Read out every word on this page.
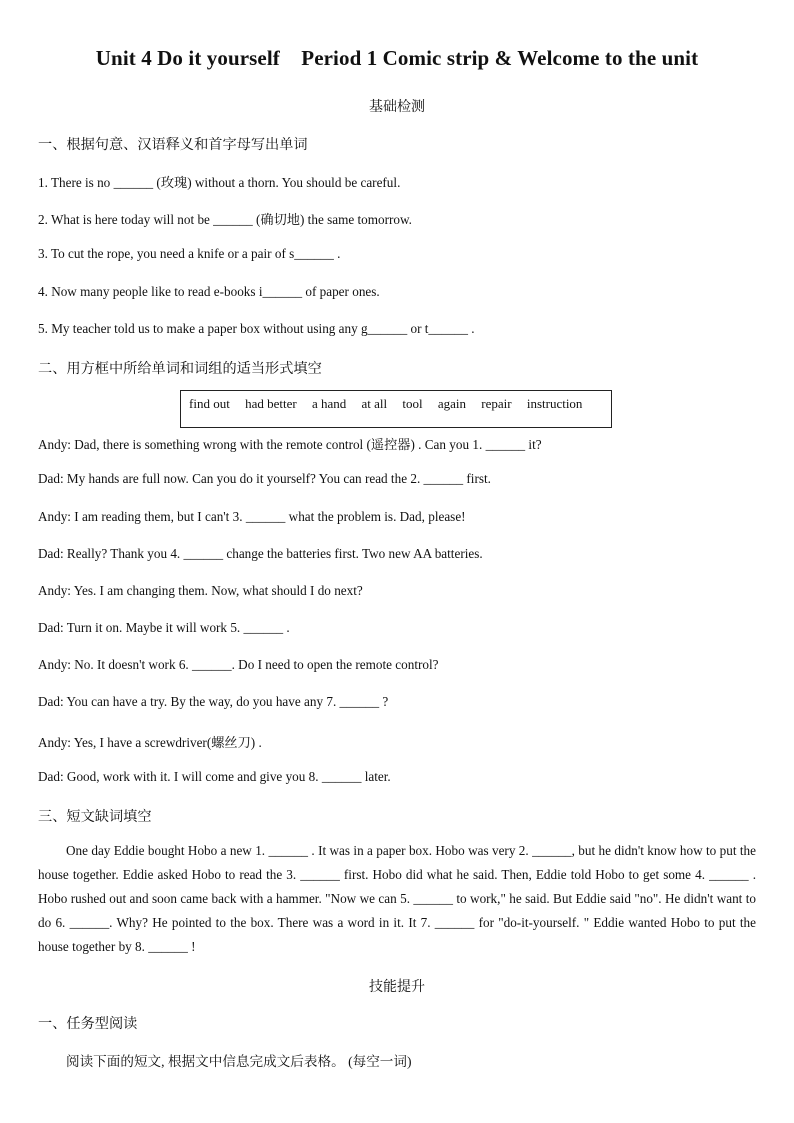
Unit 4 Do it yourself    Period 1 Comic strip & Welcome to the unit
基础检测
一、根据句意、汉语释义和首字母写出单词
1. There is no ______ (玫瑰) without a thorn. You should be careful.
2. What is here today will not be ______ (确切地) the same tomorrow.
3. To cut the rope, you need a knife or a pair of s______ .
4. Now many people like to read e-books i______ of paper ones.
5. My teacher told us to make a paper box without using any g______ or t______ .
二、用方框中所给单词和词组的适当形式填空
find out had better a hand at all tool again repair instruction
Andy: Dad, there is something wrong with the remote control (遥控器) . Can you 1. ______ it?
Dad: My hands are full now. Can you do it yourself? You can read the 2. ______ first.
Andy: I am reading them, but I can't 3. ______ what the problem is. Dad, please!
Dad: Really? Thank you 4. ______ change the batteries first. Two new AA batteries.
Andy: Yes. I am changing them. Now, what should I do next?
Dad: Turn it on. Maybe it will work 5. ______ .
Andy: No. It doesn't work 6. ______. Do I need to open the remote control?
Dad: You can have a try. By the way, do you have any 7. ______ ?
Andy: Yes, I have a screwdriver(螺丝刀) .
Dad: Good, work with it. I will come and give you 8. ______ later.
三、短文缺词填空
One day Eddie bought Hobo a new 1. ______ . It was in a paper box. Hobo was very 2. ______, but he didn't know how to put the house together. Eddie asked Hobo to read the 3. ______ first. Hobo did what he said. Then, Eddie told Hobo to get some 4. ______ . Hobo rushed out and soon came back with a hammer. "Now we can 5. ______ to work," he said. But Eddie said "no". He didn't want to do 6. ______. Why? He pointed to the box. There was a word in it. It 7. ______ for "do-it-yourself. " Eddie wanted Hobo to put the house together by 8. ______ !
技能提升
一、任务型阅读
阅读下面的短文, 根据文中信息完成文后表格。 (每空一词)
